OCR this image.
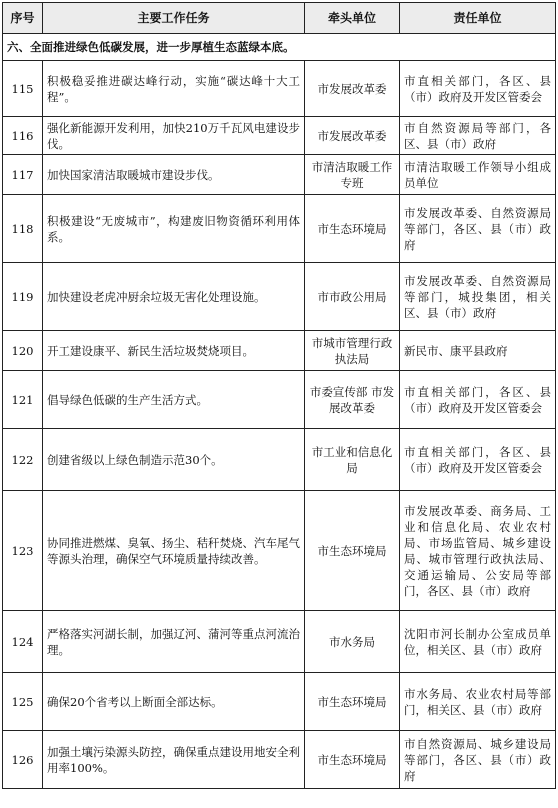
序号	主要工作任务	牵头单位	责任单位
六、全面推进绿色低碳发展，进一步厚植生态蓝绿本底。			
115	积极稳妥推进碳达峰行动，实施“碳达峰十大工程”。	市发展改革委	市直相关部门，各区、县（市）政府及开发区管委会
116	强化新能源开发利用，加快210万千瓦风电建设步伐。	市发展改革委	市自然资源局等部门，各区、县（市）政府
117	加快国家清洁取暖城市建设步伐。	市清洁取暖工作专班	市清洁取暖工作领导小组成员单位
118	积极建设“无废城市”，构建废旧物资循环利用体系。	市生态环境局	市发展改革委、自然资源局等部门，各区、县（市）政府
119	加快建设老虎冲厨余垃圾无害化处理设施。	市市政公用局	市发展改革委、自然资源局等部门，城投集团，相关区、县（市）政府
120	开工建设康平、新民生活垃圾焚烧项目。	市城市管理行政执法局	新民市、康平县政府
121	倡导绿色低碳的生产生活方式。	市委宣传部 市发展改革委	市直相关部门，各区、县（市）政府及开发区管委会
122	创建省级以上绿色制造示范30个。	市工业和信息化局	市直相关部门，各区、县（市）政府及开发区管委会
123	协同推进燃煤、臭氧、扬尘、秸秆焚烧、汽车尾气等源头治理，确保空气环境质量持续改善。	市生态环境局	市发展改革委、商务局、工业和信息化局、农业农村局、市场监管局、城乡建设局、城市管理行政执法局、交通运输局、公安局等部门，各区、县（市）政府
124	严格落实河湖长制，加强辽河、蒲河等重点河流治理。	市水务局	沈阳市河长制办公室成员单位，相关区、县（市）政府
125	确保20个省考以上断面全部达标。	市生态环境局	市水务局、农业农村局等部门，相关区、县（市）政府
126	加强土壤污染源头防控，确保重点建设用地安全利用率100%。	市生态环境局	市自然资源局、城乡建设局等部门，各区、县（市）政府
